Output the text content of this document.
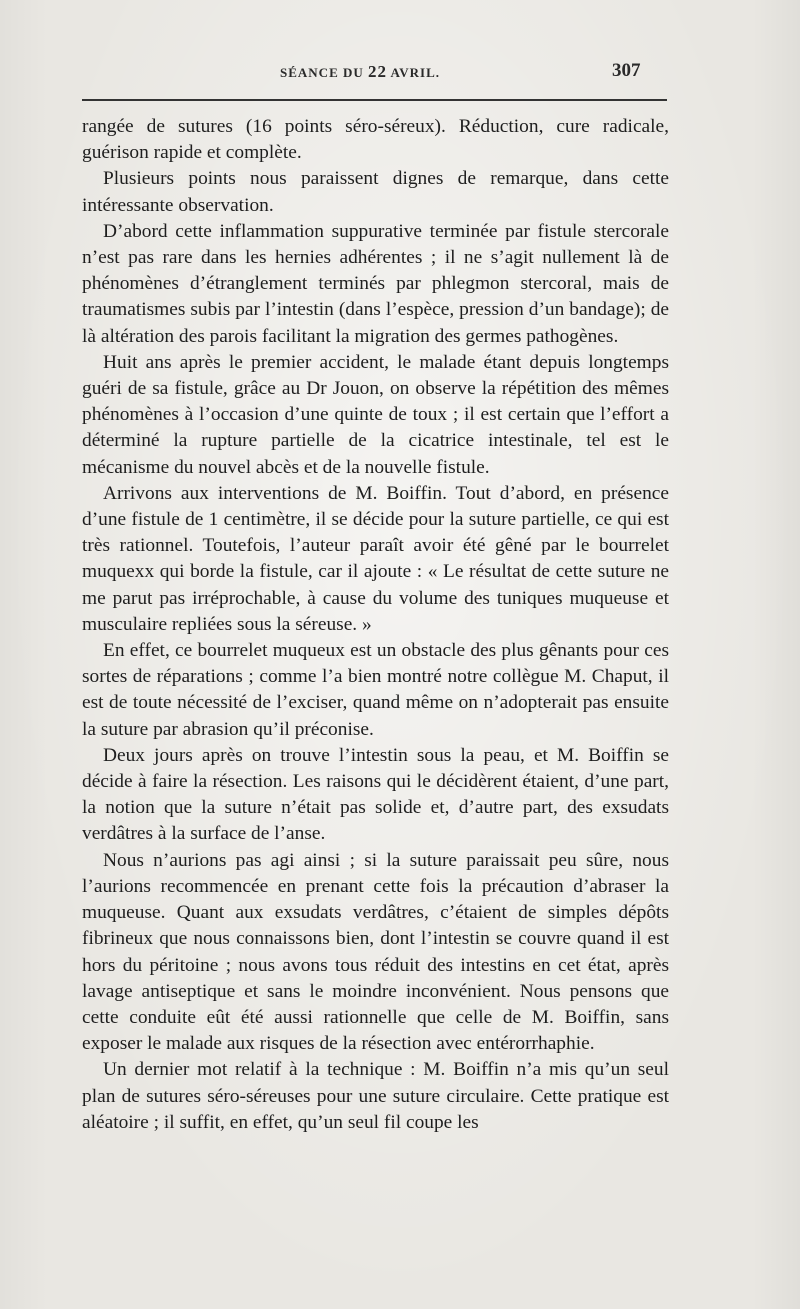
SÉANCE DU 22 AVRIL.	307

rangée de sutures (16 points séro-séreux). Réduction, cure radicale, guérison rapide et complète.

Plusieurs points nous paraissent dignes de remarque, dans cette intéressante observation.

D’abord cette inflammation suppurative terminée par fistule stercorale n’est pas rare dans les hernies adhérentes ; il ne s’agit nullement là de phénomènes d’étranglement terminés par phlegmon stercoral, mais de traumatismes subis par l’intestin (dans l’espèce, pression d’un bandage); de là altération des parois facilitant la migration des germes pathogènes.

Huit ans après le premier accident, le malade étant depuis longtemps guéri de sa fistule, grâce au Dr Jouon, on observe la répétition des mêmes phénomènes à l’occasion d’une quinte de toux ; il est certain que l’effort a déterminé la rupture partielle de la cicatrice intestinale, tel est le mécanisme du nouvel abcès et de la nouvelle fistule.

Arrivons aux interventions de M. Boiffin. Tout d’abord, en présence d’une fistule de 1 centimètre, il se décide pour la suture partielle, ce qui est très rationnel. Toutefois, l’auteur paraît avoir été gêné par le bourrelet muquexx qui borde la fistule, car il ajoute : « Le résultat de cette suture ne me parut pas irréprochable, à cause du volume des tuniques muqueuse et musculaire repliées sous la séreuse. »

En effet, ce bourrelet muqueux est un obstacle des plus gênants pour ces sortes de réparations ; comme l’a bien montré notre collègue M. Chaput, il est de toute nécessité de l’exciser, quand même on n’adopterait pas ensuite la suture par abrasion qu’il préconise.

Deux jours après on trouve l’intestin sous la peau, et M. Boiffin se décide à faire la résection. Les raisons qui le décidèrent étaient, d’une part, la notion que la suture n’était pas solide et, d’autre part, des exsudats verdâtres à la surface de l’anse.

Nous n’aurions pas agi ainsi ; si la suture paraissait peu sûre, nous l’aurions recommencée en prenant cette fois la précaution d’abraser la muqueuse. Quant aux exsudats verdâtres, c’étaient de simples dépôts fibrineux que nous connaissons bien, dont l’intestin se couvre quand il est hors du péritoine ; nous avons tous réduit des intestins en cet état, après lavage antiseptique et sans le moindre inconvénient. Nous pensons que cette conduite eût été aussi rationnelle que celle de M. Boiffin, sans exposer le malade aux risques de la résection avec entérorrhaphie.

Un dernier mot relatif à la technique : M. Boiffin n’a mis qu’un seul plan de sutures séro-séreuses pour une suture circulaire. Cette pratique est aléatoire ; il suffit, en effet, qu’un seul fil coupe les
